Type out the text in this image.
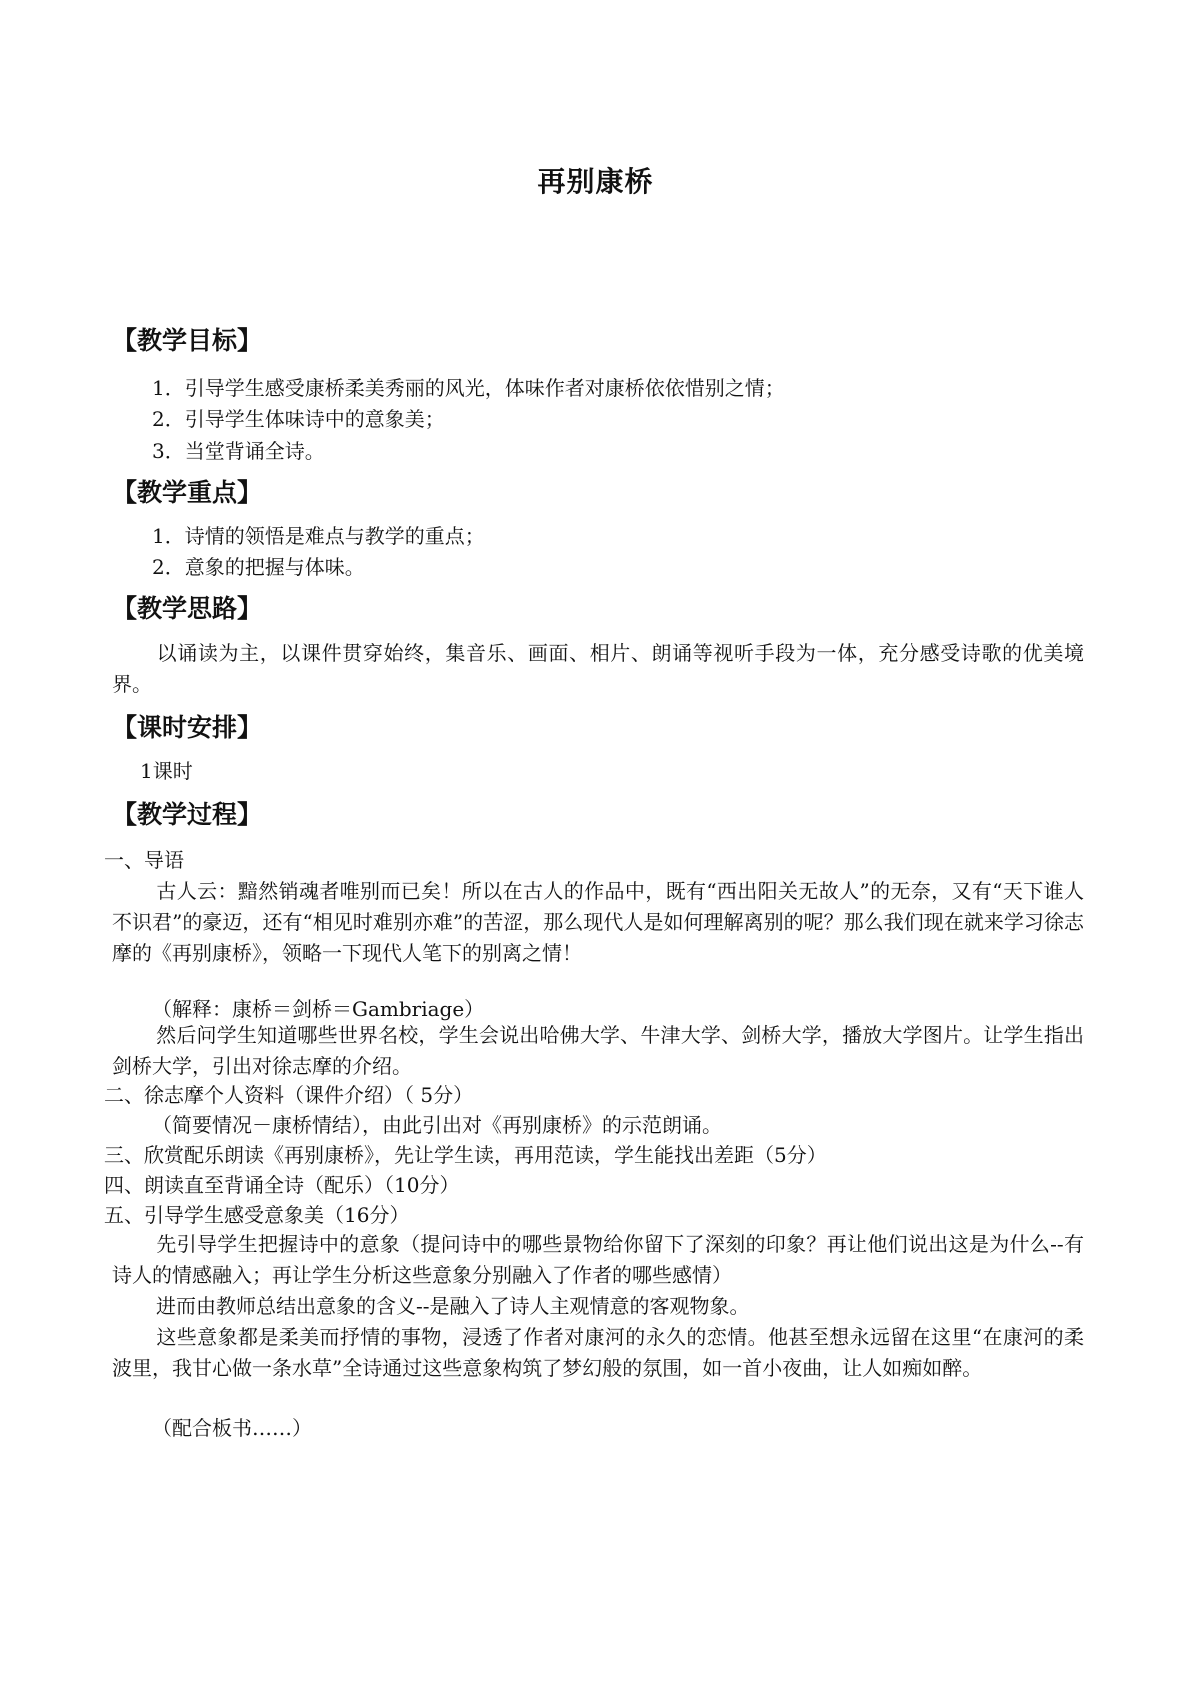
再别康桥
【教学目标】
1．引导学生感受康桥柔美秀丽的风光，体味作者对康桥依依惜别之情；
2．引导学生体味诗中的意象美；
3．当堂背诵全诗。
【教学重点】
1．诗情的领悟是难点与教学的重点；
2．意象的把握与体味。
【教学思路】
以诵读为主，以课件贯穿始终，集音乐、画面、相片、朗诵等视听手段为一体，充分感受诗歌的优美境界。
【课时安排】
1课时
【教学过程】
一、导语
古人云：黯然销魂者唯别而已矣！所以在古人的作品中，既有“西出阳关无故人”的无奈，又有“天下谁人不识君”的豪迈，还有“相见时难别亦难”的苦涩，那么现代人是如何理解离别的呢？那么我们现在就来学习徐志摩的《再别康桥》，领略一下现代人笔下的别离之情！
（解释：康桥＝剑桥＝Gambriage）
然后问学生知道哪些世界名校，学生会说出哈佛大学、牛津大学、剑桥大学，播放大学图片。让学生指出剑桥大学，引出对徐志摩的介绍。
二、徐志摩个人资料（课件介绍）（ 5分）
（简要情况－康桥情结），由此引出对《再别康桥》的示范朗诵。
三、欣赏配乐朗读《再别康桥》，先让学生读，再用范读，学生能找出差距（5分）
四、朗读直至背诵全诗（配乐）（10分）
五、引导学生感受意象美（16分）
先引导学生把握诗中的意象（提问诗中的哪些景物给你留下了深刻的印象？再让他们说出这是为什么--有诗人的情感融入；再让学生分析这些意象分别融入了作者的哪些感情）
进而由教师总结出意象的含义--是融入了诗人主观情意的客观物象。
这些意象都是柔美而抒情的事物，浸透了作者对康河的永久的恋情。他甚至想永远留在这里“在康河的柔波里，我甘心做一条水草”全诗通过这些意象构筑了梦幻般的氛围，如一首小夜曲，让人如痴如醉。
（配合板书……）
